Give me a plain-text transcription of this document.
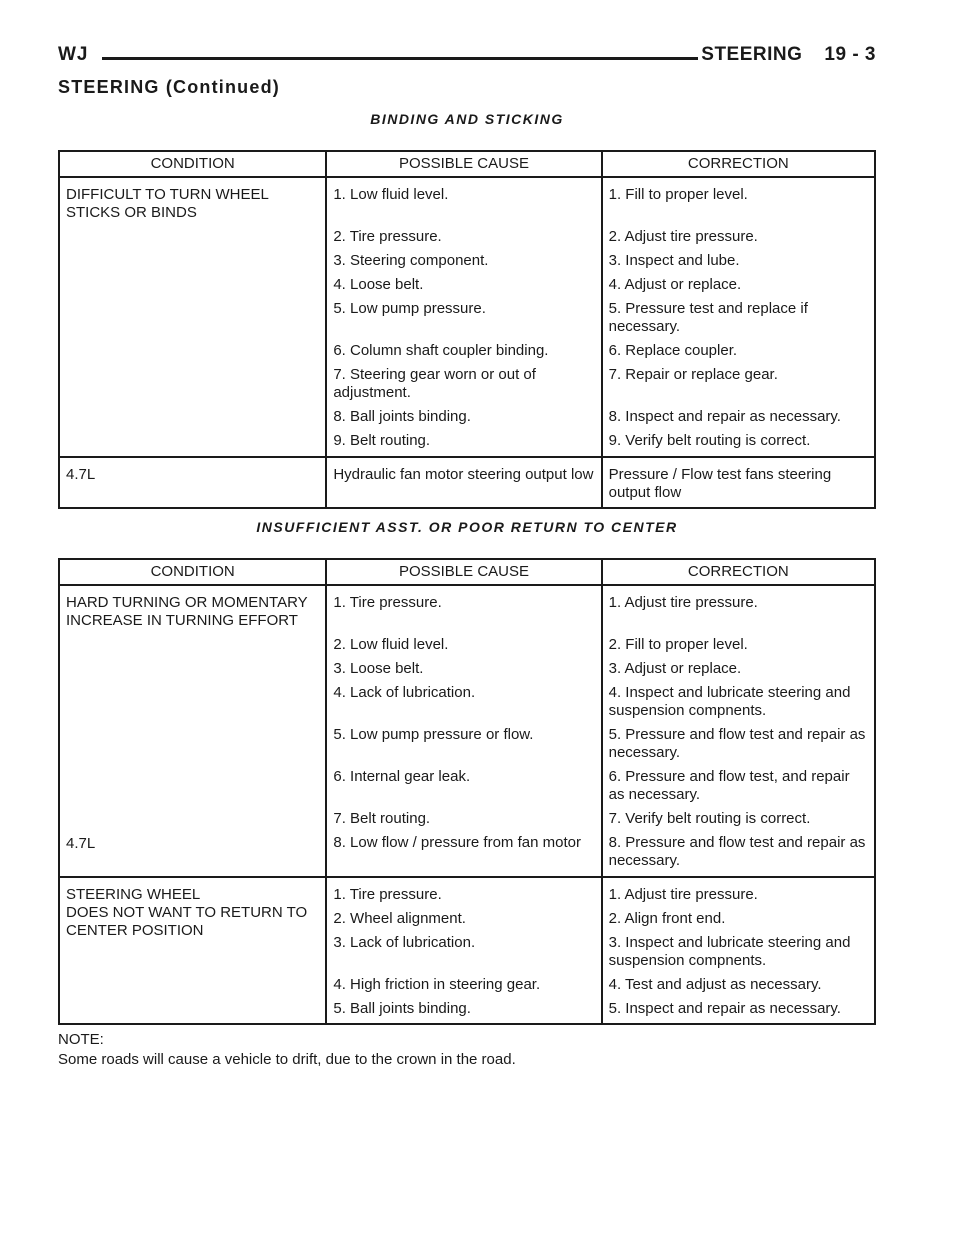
WJ	STEERING 19 - 3
STEERING (Continued)
BINDING AND STICKING
CONDITION	POSSIBLE CAUSE	CORRECTION
DIFFICULT TO TURN WHEEL
STICKS OR BINDS	1. Low fluid level.	1. Fill to proper level.
	2. Tire pressure.	2. Adjust tire pressure.
	3. Steering component.	3. Inspect and lube.
	4. Loose belt.	4. Adjust or replace.
	5. Low pump pressure.	5. Pressure test and replace if necessary.
	6. Column shaft coupler binding.	6. Replace coupler.
	7. Steering gear worn or out of adjustment.	7. Repair or replace gear.
	8. Ball joints binding.	8. Inspect and repair as necessary.
	9. Belt routing.	9. Verify belt routing is correct.
4.7L	Hydraulic fan motor steering output low	Pressure / Flow test fans steering output flow
INSUFFICIENT ASST. OR POOR RETURN TO CENTER
CONDITION	POSSIBLE CAUSE	CORRECTION
HARD TURNING OR MOMENTARY INCREASE IN TURNING EFFORT	1. Tire pressure.	1. Adjust tire pressure.
	2. Low fluid level.	2. Fill to proper level.
	3. Loose belt.	3. Adjust or replace.
	4. Lack of lubrication.	4. Inspect and lubricate steering and suspension compnents.
	5. Low pump pressure or flow.	5. Pressure and flow test and repair as necessary.
	6. Internal gear leak.	6. Pressure and flow test, and repair as necessary.
	7. Belt routing.	7. Verify belt routing is correct.
4.7L	8. Low flow / pressure from fan motor	8. Pressure and flow test and repair as necessary.
STEERING WHEEL
DOES NOT WANT TO RETURN TO CENTER POSITION	1. Tire pressure.	1. Adjust tire pressure.
	2. Wheel alignment.	2. Align front end.
	3. Lack of lubrication.	3. Inspect and lubricate steering and suspension compnents.
	4. High friction in steering gear.	4. Test and adjust as necessary.
	5. Ball joints binding.	5. Inspect and repair as necessary.
NOTE:
Some roads will cause a vehicle to drift, due to the crown in the road.
